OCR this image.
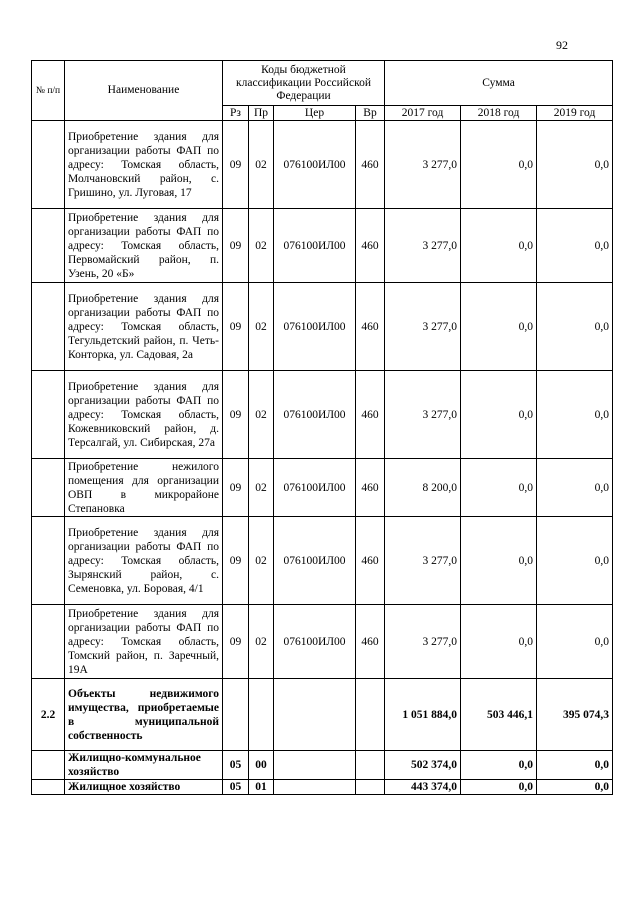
92
№ п/п	Наименование	Коды бюджетной классификации Российской Федерации				Сумма		
		Рз	Пр	Цер	Вр	2017 год	2018 год	2019 год
	Приобретение здания для организации работы ФАП по адресу: Томская область, Молчановский район, с. Гришино, ул. Луговая, 17	09	02	076100ИЛ00	460	3 277,0	0,0	0,0
	Приобретение здания для организации работы ФАП по адресу: Томская область, Первомайский район, п. Узень, 20 «Б»	09	02	076100ИЛ00	460	3 277,0	0,0	0,0
	Приобретение здания для организации работы ФАП по адресу: Томская область, Тегульдетский район, п. Четь-Конторка, ул. Садовая, 2а	09	02	076100ИЛ00	460	3 277,0	0,0	0,0
	Приобретение здания для организации работы ФАП по адресу: Томская область, Кожевниковский район, д. Терсалгай, ул. Сибирская, 27а	09	02	076100ИЛ00	460	3 277,0	0,0	0,0
	Приобретение нежилого помещения для организации ОВП в микрорайоне Степановка	09	02	076100ИЛ00	460	8 200,0	0,0	0,0
	Приобретение здания для организации работы ФАП по адресу: Томская область, Зырянский район, с. Семеновка, ул. Боровая, 4/1	09	02	076100ИЛ00	460	3 277,0	0,0	0,0
	Приобретение здания для организации работы ФАП по адресу: Томская область, Томский район, п. Заречный, 19А	09	02	076100ИЛ00	460	3 277,0	0,0	0,0
2.2	Объекты недвижимого имущества, приобретаемые в муниципальной собственность					1 051 884,0	503 446,1	395 074,3
	Жилищно-коммунальное хозяйство	05	00			502 374,0	0,0	0,0
	Жилищное хозяйство	05	01			443 374,0	0,0	0,0
